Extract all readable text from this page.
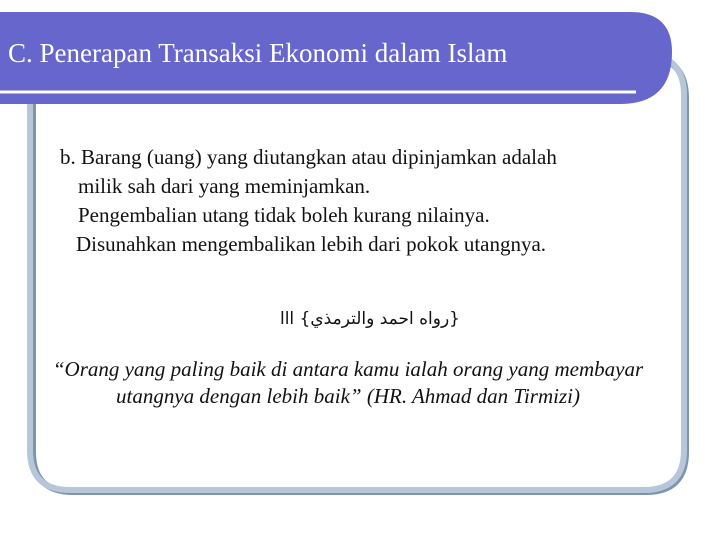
C. Penerapan Transaksi Ekonomi dalam Islam
b. Barang (uang) yang diutangkan atau dipinjamkan adalah
milik sah dari yang meminjamkan.
Pengembalian utang tidak boleh kurang nilainya.
Disunahkan mengembalikan lebih dari pokok utangnya.
{رواه احمد والترمذي} ااا
“Orang yang paling baik di antara kamu ialah orang yang membayar utangnya dengan lebih baik” (HR. Ahmad dan Tirmizi)
